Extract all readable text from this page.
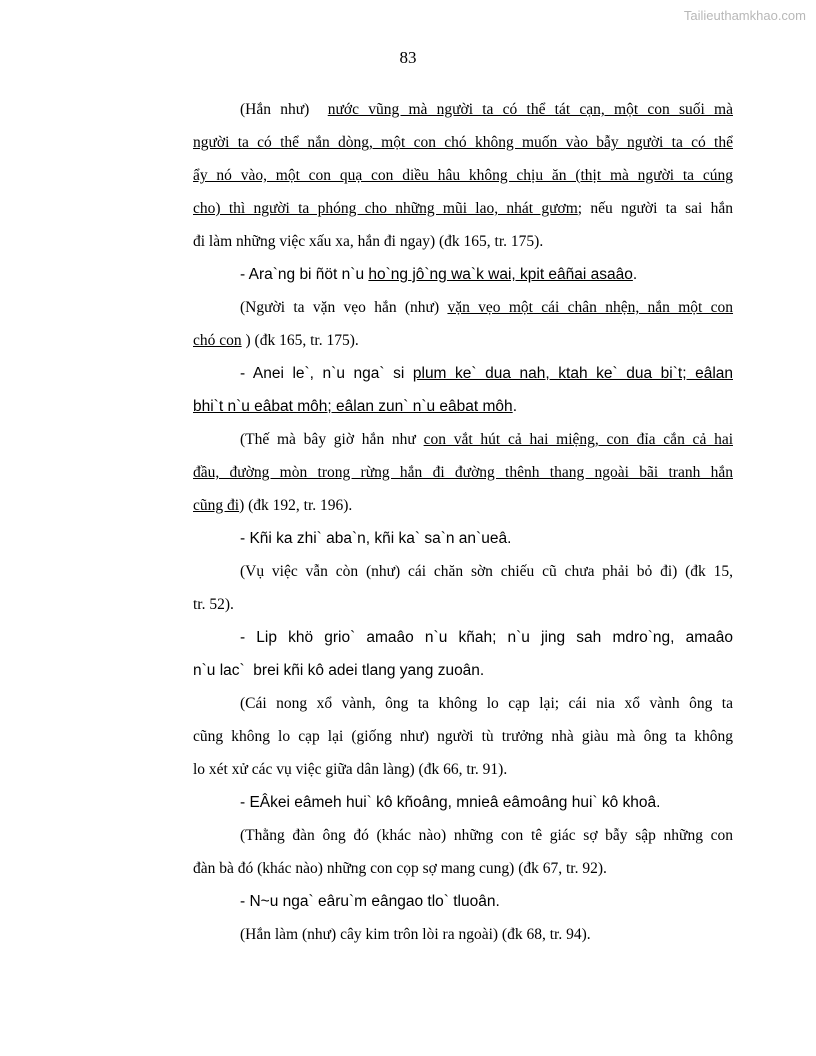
Tailieuthamkhao.com
83
(Hắn như)  nước vũng mà người ta có thể tát cạn, một con suối mà
người ta có thể nắn dòng, một con chó không muốn vào bẫy người ta có thể
ẩy nó vào, một con quạ con diều hâu không chịu ăn (thịt mà người ta cúng
cho) thì người ta phóng cho những mũi lao, nhát gươm; nếu người ta sai hắn
đi làm những việc xấu xa, hắn đi ngay) (đk 165, tr. 175).
- Ara`ng bi ñöt n`u ho`ng jô`ng wa`k wai, kpit eâñai asaâo.
(Người ta vặn vẹo hắn (như) vặn vẹo một cái chân nhện, nắn một con
chó con ) (đk 165, tr. 175).
- Anei le`, n`u nga` si plum ke` dua nah, ktah ke` dua bi`t; eâlan
bhi`t n`u eâbat môh; eâlan zun` n`u eâbat môh.
(Thế mà bây giờ hắn như con vắt hút cả hai miệng, con đỉa cắn cả hai
đầu, đường mòn trong rừng hắn đi đường thênh thang ngoài bãi tranh hắn
cũng đi) (đk 192, tr. 196).
- Kñi ka zhi` aba`n, kñi ka` sa`n an`ueâ.
(Vụ việc vẫn còn (như) cái chăn sờn chiếu cũ chưa phải bỏ đi) (đk 15,
tr. 52).
- Lip khö grio` amaâo n`u kñah; n`u jing sah mdro`ng, amaâo
n`u lac`  brei kñi kô adei tlang yang zuoân.
(Cái nong xổ vành, ông ta không lo cạp lại; cái nia xổ vành ông ta
cũng không lo cạp lại (giống như) người tù trưởng nhà giàu mà ông ta không
lo xét xử các vụ việc giữa dân làng) (đk 66, tr. 91).
- EÂkei eâmeh hui` kô kñoâng, mnieâ eâmoâng hui` kô khoâ.
(Thằng đàn ông đó (khác nào) những con tê giác sợ bẫy sập những con
đàn bà đó (khác nào) những con cọp sợ mang cung) (đk 67, tr. 92).
- N~u nga` eâru`m eângao tlo` tluoân.
(Hắn làm (như) cây kim trôn lòi ra ngoài) (đk 68, tr. 94).
